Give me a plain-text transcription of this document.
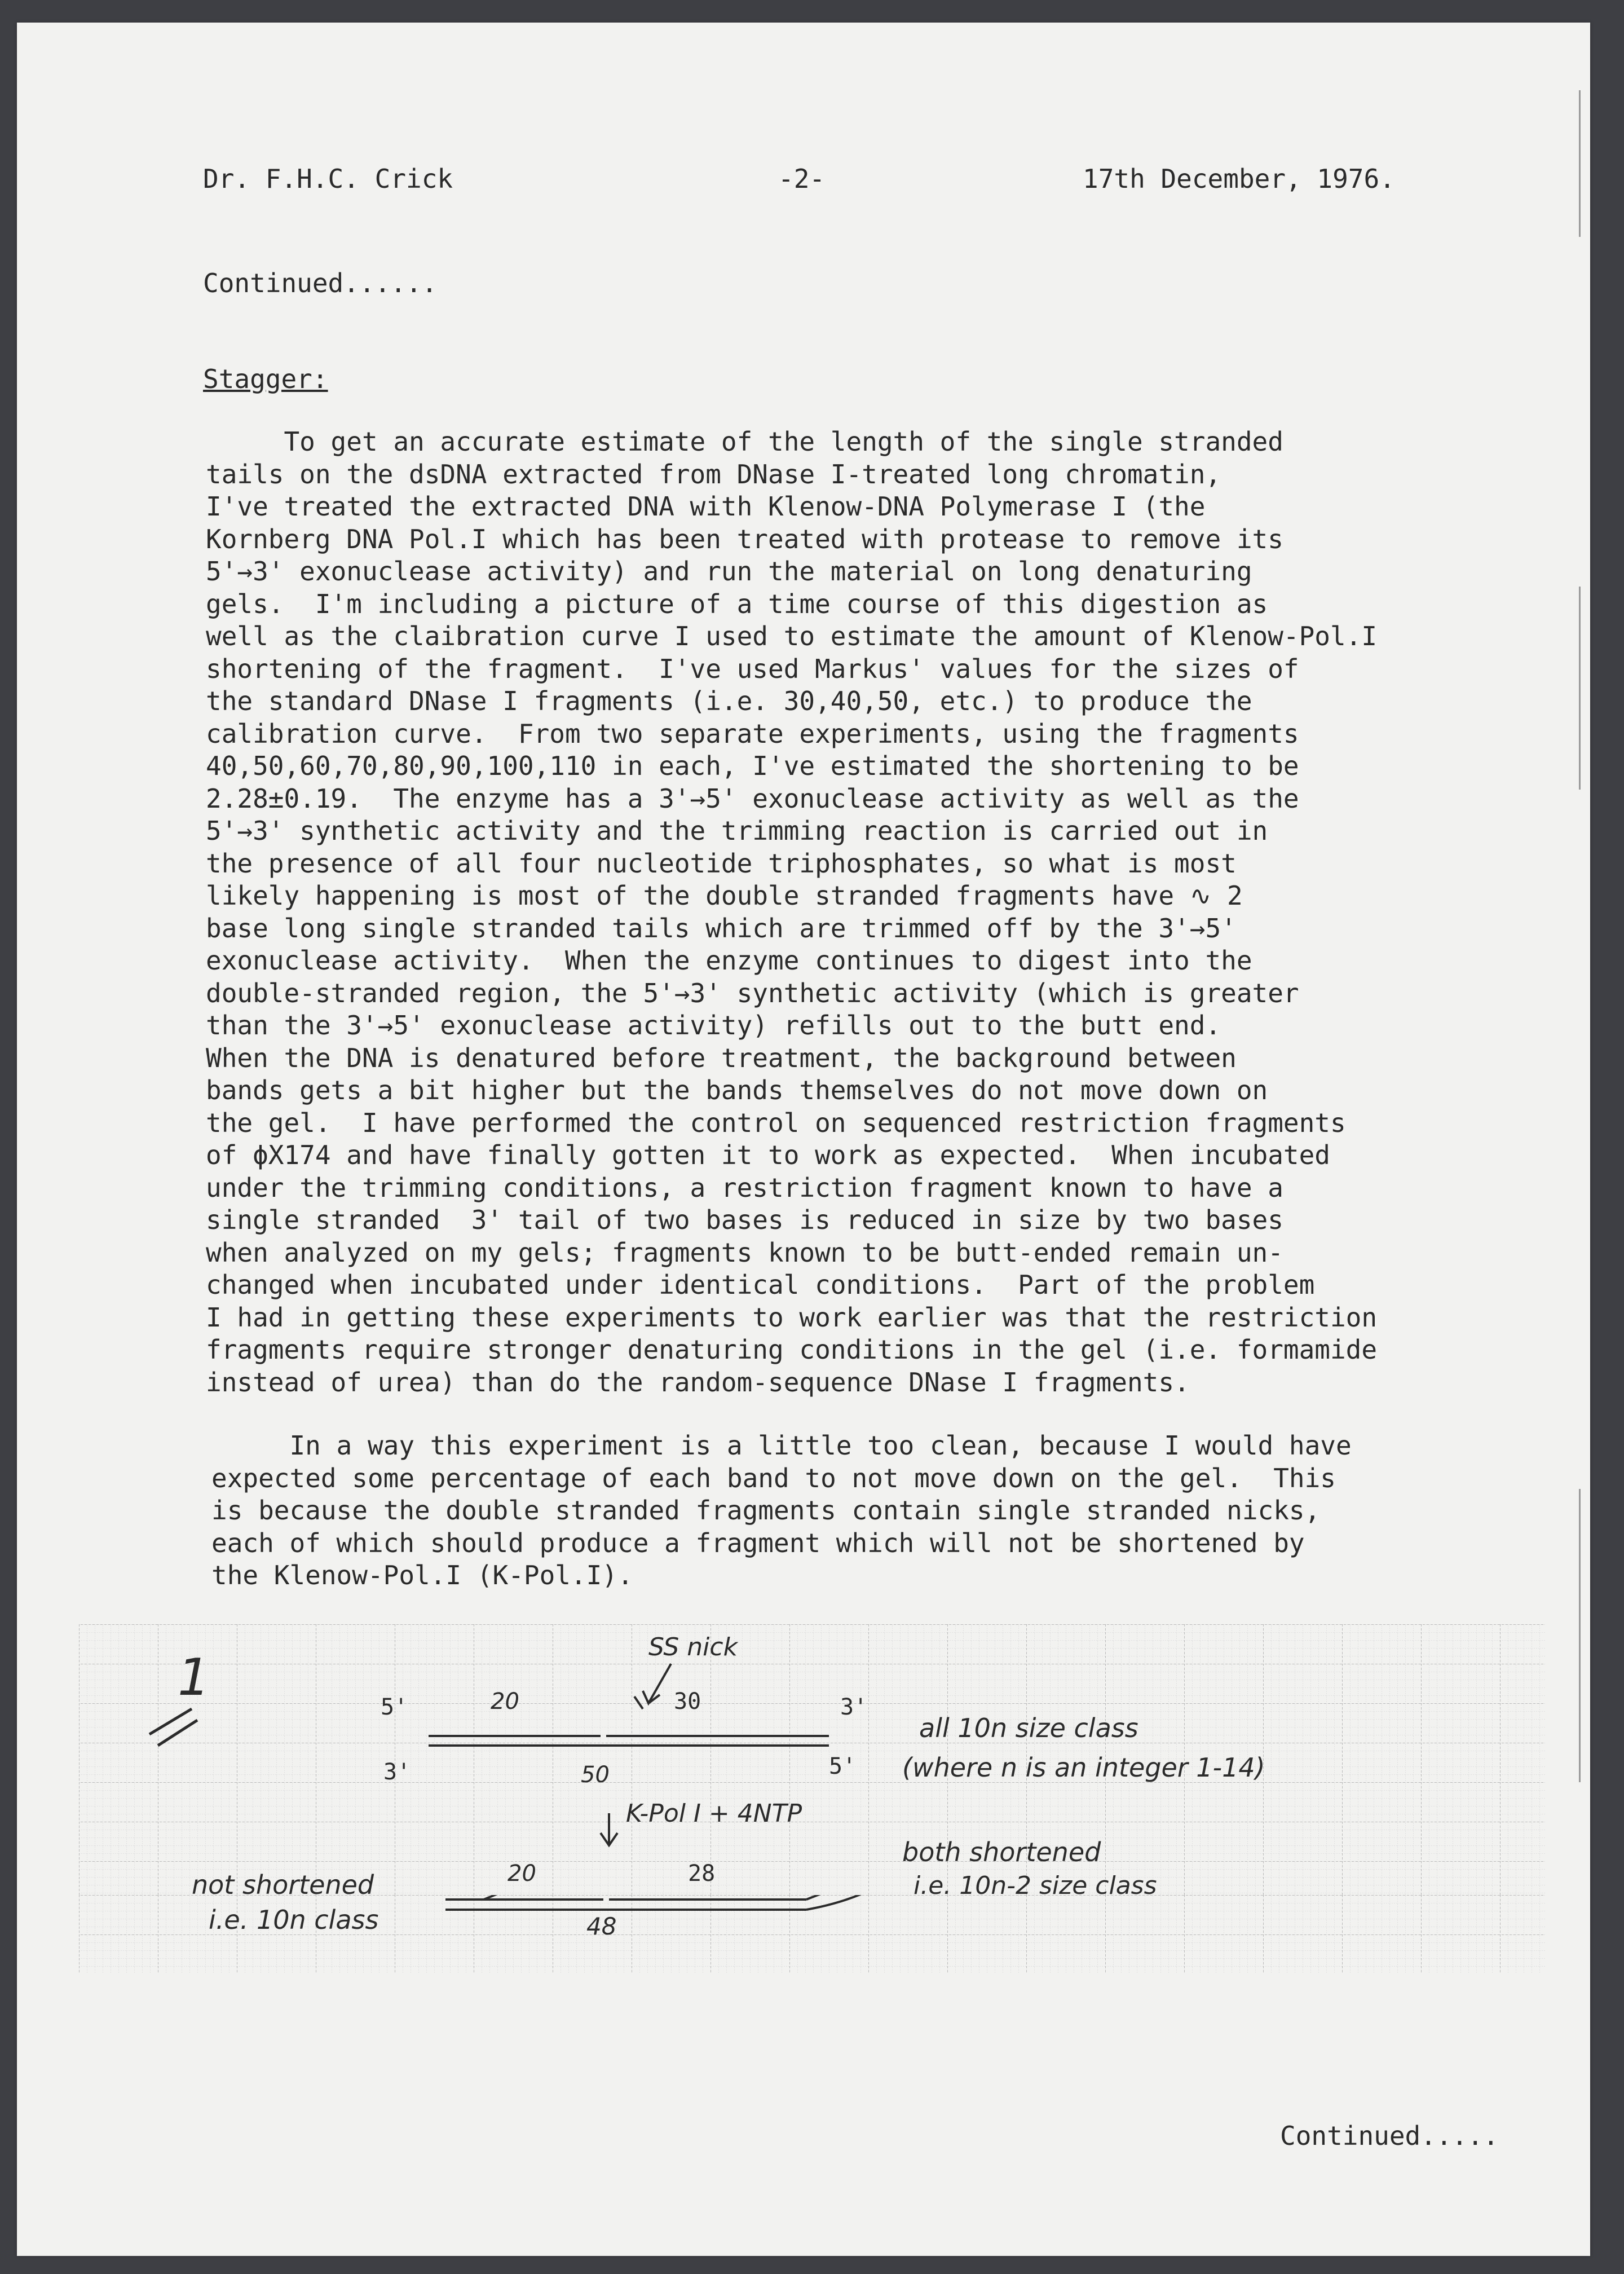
Dr. F.H.C. Crick	-2-	17th December, 1976.
Continued......
Stagger:
To get an accurate estimate of the length of the single stranded
tails on the dsDNA extracted from DNase I-treated long chromatin,
I've treated the extracted DNA with Klenow-DNA Polymerase I (the
Kornberg DNA Pol.I which has been treated with protease to remove its
5'→3' exonuclease activity) and run the material on long denaturing
gels.  I'm including a picture of a time course of this digestion as
well as the claibration curve I used to estimate the amount of Klenow-Pol.I
shortening of the fragment.  I've used Markus' values for the sizes of
the standard DNase I fragments (i.e. 30,40,50, etc.) to produce the
calibration curve.  From two separate experiments, using the fragments
40,50,60,70,80,90,100,110 in each, I've estimated the shortening to be
2.28±0.19.  The enzyme has a 3'→5' exonuclease activity as well as the
5'→3' synthetic activity and the trimming reaction is carried out in
the presence of all four nucleotide triphosphates, so what is most
likely happening is most of the double stranded fragments have ∿ 2
base long single stranded tails which are trimmed off by the 3'→5'
exonuclease activity.  When the enzyme continues to digest into the
double-stranded region, the 5'→3' synthetic activity (which is greater
than the 3'→5' exonuclease activity) refills out to the butt end.
When the DNA is denatured before treatment, the background between
bands gets a bit higher but the bands themselves do not move down on
the gel.  I have performed the control on sequenced restriction fragments
of ϕX174 and have finally gotten it to work as expected.  When incubated
under the trimming conditions, a restriction fragment known to have a
single stranded  3' tail of two bases is reduced in size by two bases
when analyzed on my gels; fragments known to be butt-ended remain un-
changed when incubated under identical conditions.  Part of the problem
I had in getting these experiments to work earlier was that the restriction
fragments require stronger denaturing conditions in the gel (i.e. formamide
instead of urea) than do the random-sequence DNase I fragments.
In a way this experiment is a little too clean, because I would have
expected some percentage of each band to not move down on the gel.  This
is because the double stranded fragments contain single stranded nicks,
each of which should produce a fragment which will not be shortened by
the Klenow-Pol.I (K-Pol.I).
1
SS nick
5'	20	30	3'
3'	50	5'
all 10n size class
(where n is an integer 1-14)
K-Pol I + 4NTP
20	28
both shortened
i.e. 10n-2 size class
not shortened
i.e. 10n class	48
Continued.....
